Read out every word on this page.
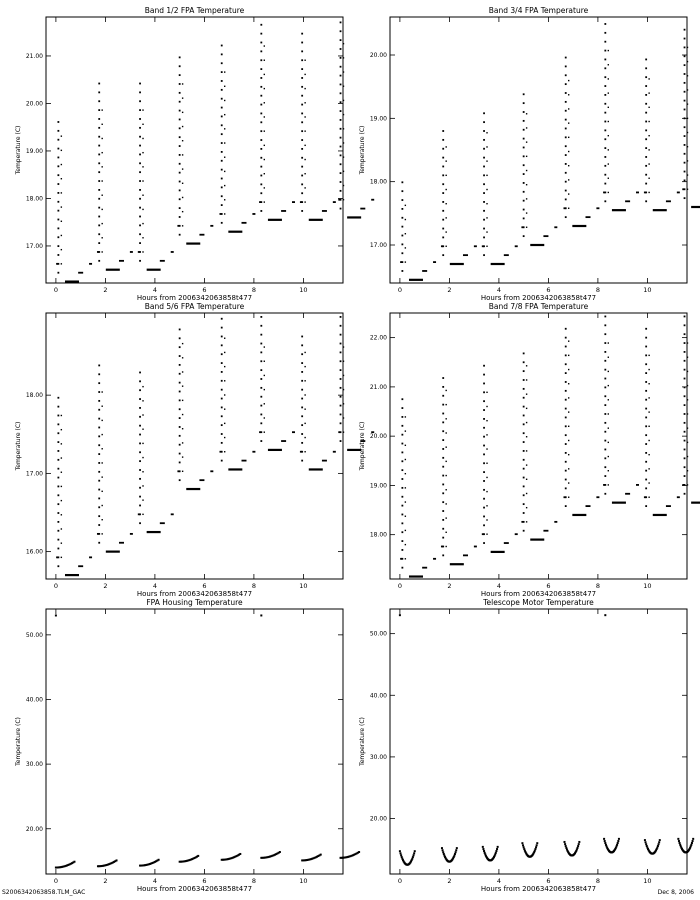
Band 1/2 FPA Temperature
Hours from 2006342063858t477
Temperature (C)
0	2	4	6	8	10
17.00
18.00
19.00
20.00
21.00
Band 3/4 FPA Temperature
Hours from 2006342063858t477
Temperature (C)
0	2	4	6	8	10
17.00
18.00
19.00
20.00
Band 5/6 FPA Temperature
Hours from 2006342063858t477
Temperature (C)
0	2	4	6	8	10
16.00
17.00
18.00
Band 7/8 FPA Temperature
Hours from 2006342063858t477
Temperature (C)
0	2	4	6	8	10
18.00
19.00
20.00
21.00
22.00
FPA Housing Temperature
Hours from 2006342063858t477
Temperature (C)
0	2	4	6	8	10
20.00
30.00
40.00
50.00
Telescope Motor Temperature
Hours from 2006342063858t477
Temperature (C)
0	2	4	6	8	10
20.00
30.00
40.00
50.00
S2006342063858.TLM_GAC	Dec 8, 2006
